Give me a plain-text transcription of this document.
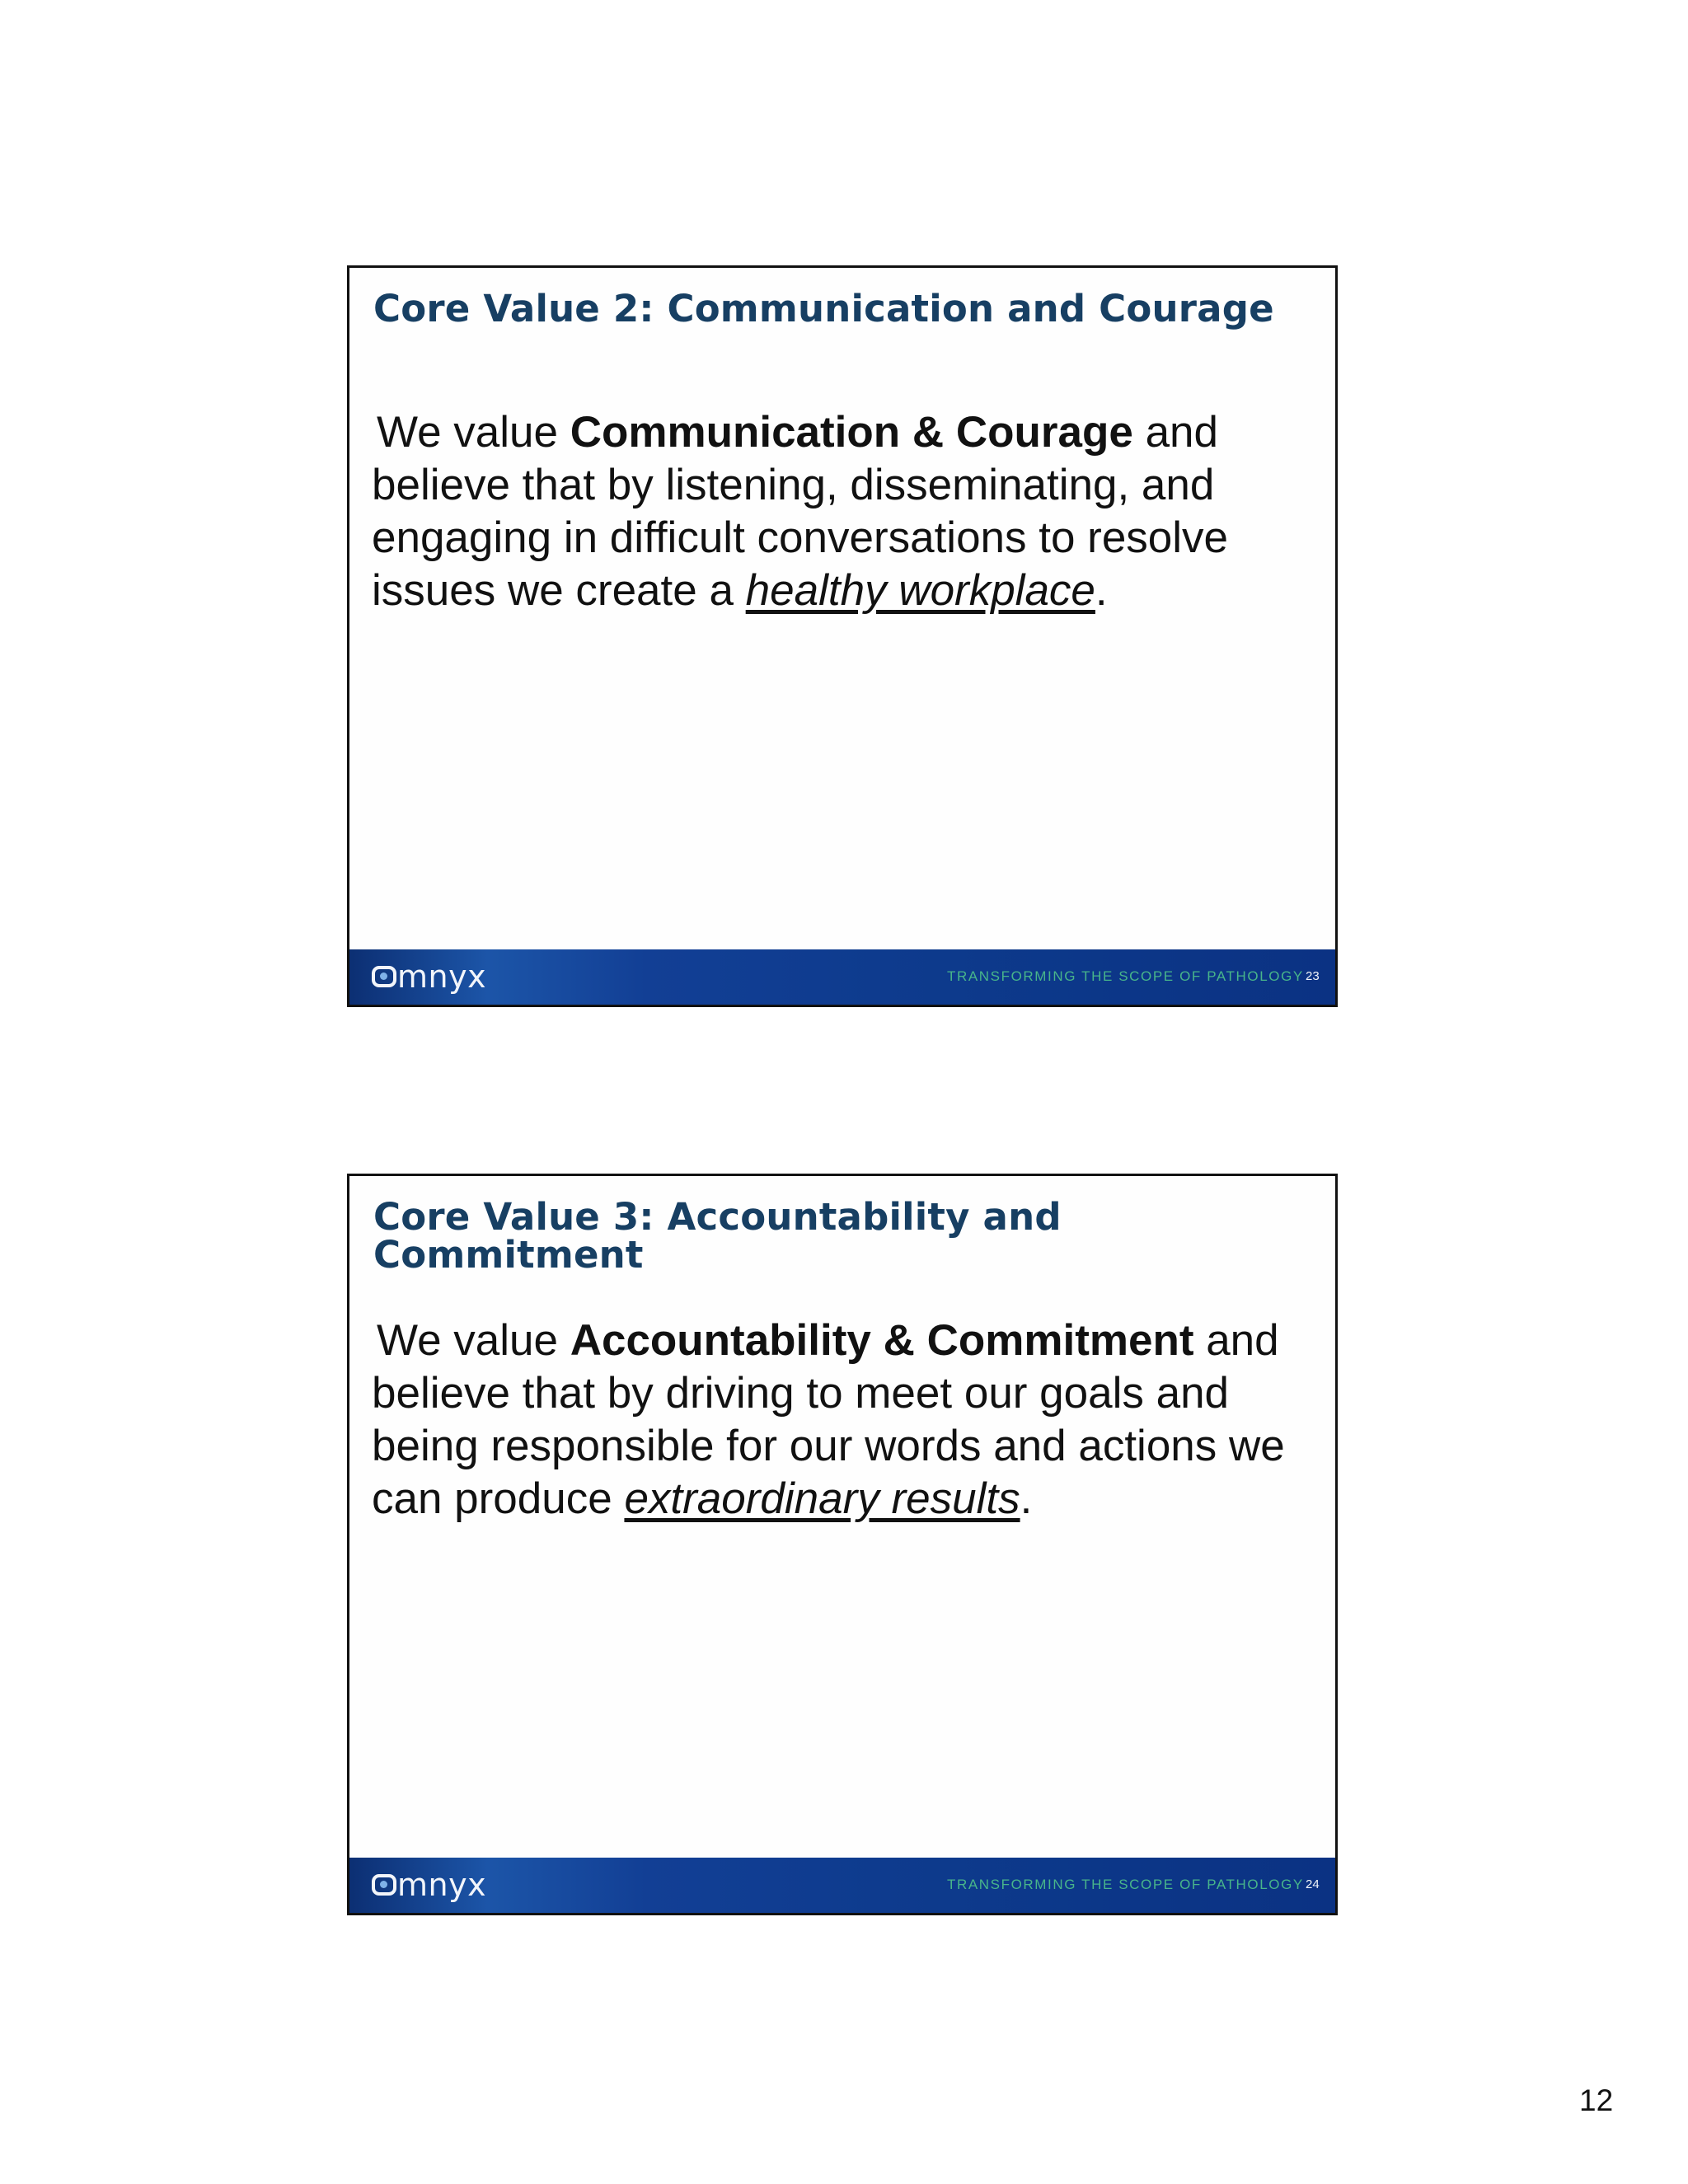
Core Value 2: Communication and Courage

We value Communication & Courage and believe that by listening, disseminating, and engaging in difficult conversations to resolve issues we create a healthy workplace.

mnyx	TRANSFORMING THE SCOPE OF PATHOLOGY 23
Core Value 3: Accountability and Commitment

We value Accountability & Commitment and believe that by driving to meet our goals and being responsible for our words and actions we can produce extraordinary results.

mnyx	TRANSFORMING THE SCOPE OF PATHOLOGY 24
12
